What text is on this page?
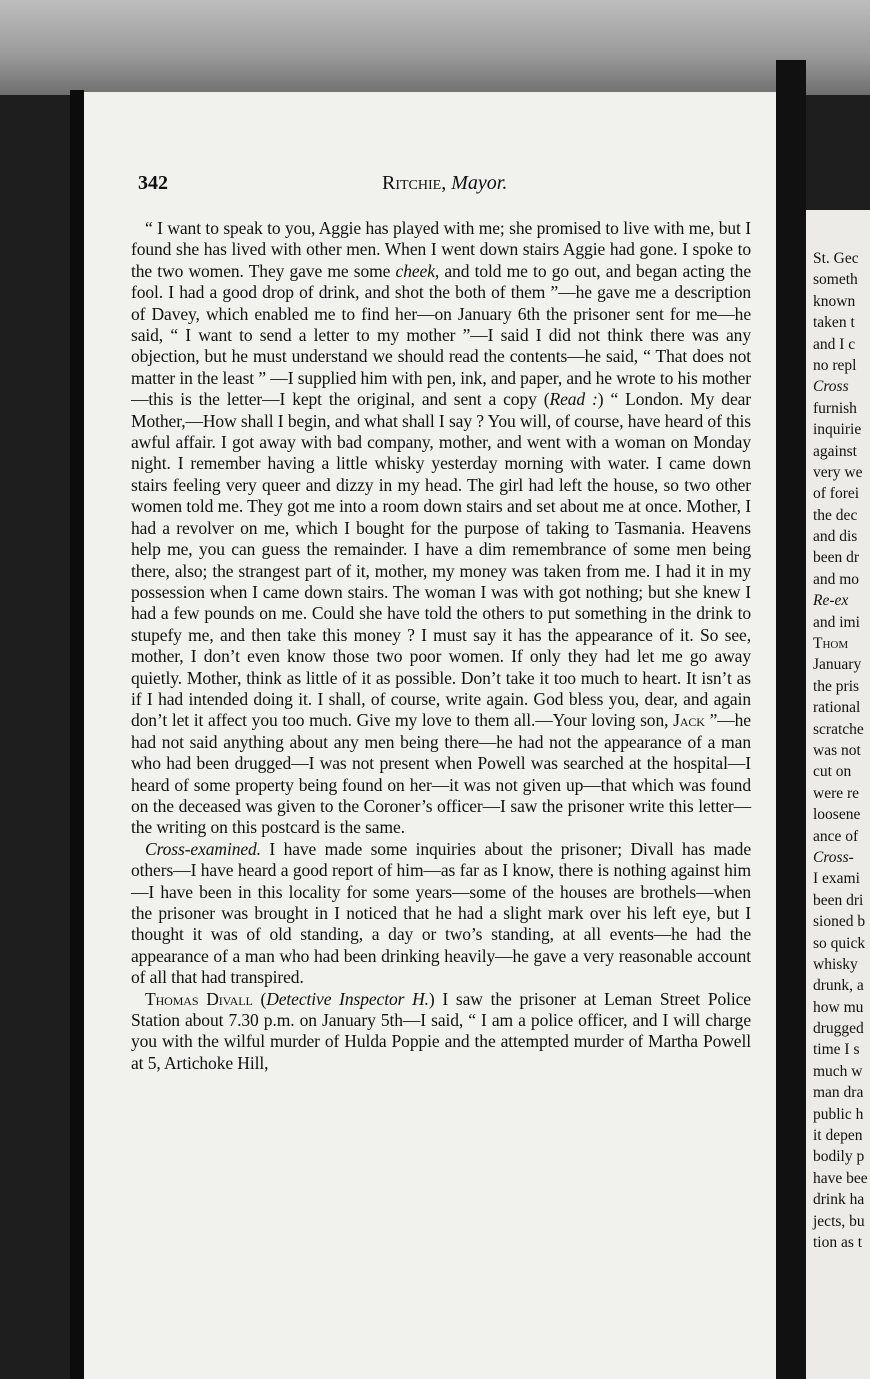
342	Ritchie, Mayor.

“ I want to speak to you, Aggie has played with me; she promised to live with me, but I found she has lived with other men. When I went down stairs Aggie had gone. I spoke to the two women. They gave me some cheek, and told me to go out, and began acting the fool. I had a good drop of drink, and shot the both of them ”—he gave me a description of Davey, which enabled me to find her—on January 6th the prisoner sent for me—he said, “ I want to send a letter to my mother ”—I said I did not think there was any objection, but he must understand we should read the contents—he said, “ That does not matter in the least ” —I supplied him with pen, ink, and paper, and he wrote to his mother —this is the letter—I kept the original, and sent a copy (Read :) “ London. My dear Mother,—How shall I begin, and what shall I say ? You will, of course, have heard of this awful affair. I got away with bad company, mother, and went with a woman on Monday night. I remember having a little whisky yesterday morning with water. I came down stairs feeling very queer and dizzy in my head. The girl had left the house, so two other women told me. They got me into a room down stairs and set about me at once. Mother, I had a revolver on me, which I bought for the purpose of taking to Tasmania. Heavens help me, you can guess the remainder. I have a dim remembrance of some men being there, also; the strangest part of it, mother, my money was taken from me. I had it in my possession when I came down stairs. The woman I was with got nothing; but she knew I had a few pounds on me. Could she have told the others to put something in the drink to stupefy me, and then take this money ? I must say it has the appearance of it. So see, mother, I don’t even know those two poor women. If only they had let me go away quietly. Mother, think as little of it as possible. Don’t take it too much to heart. It isn’t as if I had intended doing it. I shall, of course, write again. God bless you, dear, and again don’t let it affect you too much. Give my love to them all.—Your loving son, Jack ”—he had not said anything about any men being there—he had not the appearance of a man who had been drugged—I was not present when Powell was searched at the hospital—I heard of some property being found on her—it was not given up—that which was found on the deceased was given to the Coroner’s officer—I saw the prisoner write this letter— the writing on this postcard is the same.

Cross-examined. I have made some inquiries about the prisoner; Divall has made others—I have heard a good report of him—as far as I know, there is nothing against him—I have been in this locality for some years—some of the houses are brothels—when the prisoner was brought in I noticed that he had a slight mark over his left eye, but I thought it was of old standing, a day or two’s standing, at all events—he had the appearance of a man who had been drinking heavily—he gave a very reasonable account of all that had transpired.

Thomas Divall (Detective Inspector H.) I saw the prisoner at Leman Street Police Station about 7.30 p.m. on January 5th—I said, “ I am a police officer, and I will charge you with the wilful murder of Hulda Poppie and the attempted murder of Martha Powell at 5, Artichoke Hill,

St. Gec
someth
known
taken t
and I c
no repl
Cross
furnish
inquirie
against
very we
of forei
the dec
and dis
been dr
and mo
Re-ex
and imi
Thom
January
the pris
rational
scratche
was not
cut on
were re
loosene
ance of
Cross-
I exami
been dri
sioned b
so quick
whisky
drunk, a
how mu
drugged
time I s
much w
man dra
public h
it depen
bodily p
have bee
drink ha
jects, bu
tion as t
